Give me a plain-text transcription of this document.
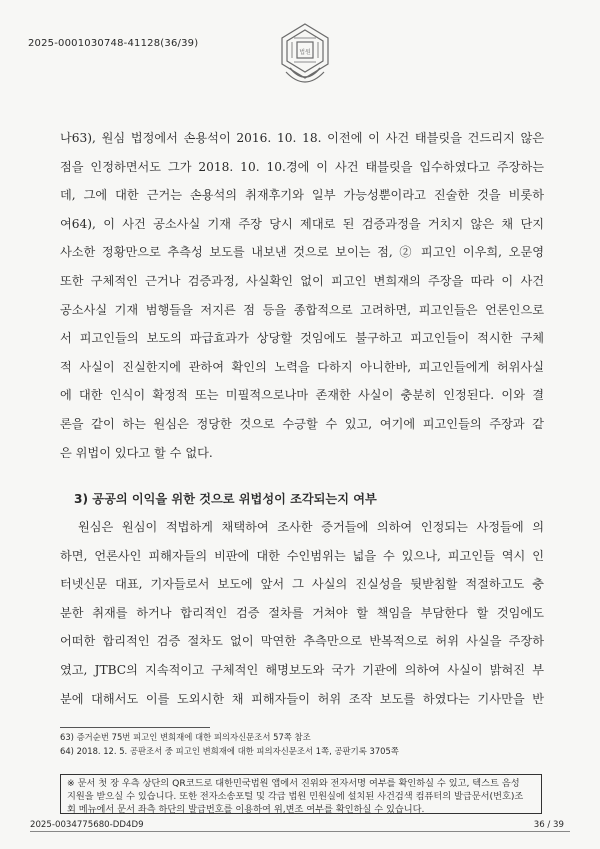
2025-0001030748-41128(36/39)
법원
나63), 원심 법정에서 손용석이 2016. 10. 18. 이전에 이 사건 태블릿을 건드리지 않은
점을 인정하면서도 그가 2018. 10. 10.경에 이 사건 태블릿을 입수하였다고 주장하는
데, 그에 대한 근거는 손용석의 취재후기와 일부 가능성뿐이라고 진술한 것을 비롯하
여64), 이 사건 공소사실 기재 주장 당시 제대로 된 검증과정을 거치지 않은 채 단지
사소한 정황만으로 추측성 보도를 내보낸 것으로 보이는 점, ② 피고인 이우희, 오문영
또한 구체적인 근거나 검증과정, 사실확인 없이 피고인 변희재의 주장을 따라 이 사건
공소사실 기재 범행들을 저지른 점 등을 종합적으로 고려하면, 피고인들은 언론인으로
서 피고인들의 보도의 파급효과가 상당할 것임에도 불구하고 피고인들이 적시한 구체
적 사실이 진실한지에 관하여 확인의 노력을 다하지 아니한바, 피고인들에게 허위사실
에 대한 인식이 확정적 또는 미필적으로나마 존재한 사실이 충분히 인정된다. 이와 결
론을 같이 하는 원심은 정당한 것으로 수긍할 수 있고, 여기에 피고인들의 주장과 같
은 위법이 있다고 할 수 없다.
3) 공공의 이익을 위한 것으로 위법성이 조각되는지 여부
원심은 원심이 적법하게 채택하여 조사한 증거들에 의하여 인정되는 사정들에 의
하면, 언론사인 피해자들의 비판에 대한 수인범위는 넓을 수 있으나, 피고인들 역시 인
터넷신문 대표, 기자들로서 보도에 앞서 그 사실의 진실성을 뒷받침할 적절하고도 충
분한 취재를 하거나 합리적인 검증 절차를 거쳐야 할 책임을 부담한다 할 것임에도
어떠한 합리적인 검증 절차도 없이 막연한 추측만으로 반복적으로 허위 사실을 주장하
였고, JTBC의 지속적이고 구체적인 해명보도와 국가 기관에 의하여 사실이 밝혀진 부
분에 대해서도 이를 도외시한 채 피해자들이 허위 조작 보도를 하였다는 기사만을 반
63) 증거순번 75번 피고인 변희재에 대한 피의자신문조서 57쪽 참조
64) 2018. 12. 5. 공판조서 중 피고인 변희재에 대한 피의자신문조서 1쪽, 공판기록 3705쪽
※ 문서 첫 장 우측 상단의 QR코드로 대한민국법원 앱에서 진위와 전자서명 여부를 확인하실 수 있고, 텍스트 음성
지원을 받으실 수 있습니다. 또한 전자소송포털 및 각급 법원 민원실에 설치된 사건검색 컴퓨터의 발급문서(번호)조
회 메뉴에서 문서 좌측 하단의 발급번호를 이용하여 위,변조 여부를 확인하실 수 있습니다.
2025-0034775680-DD4D9	36 / 39
